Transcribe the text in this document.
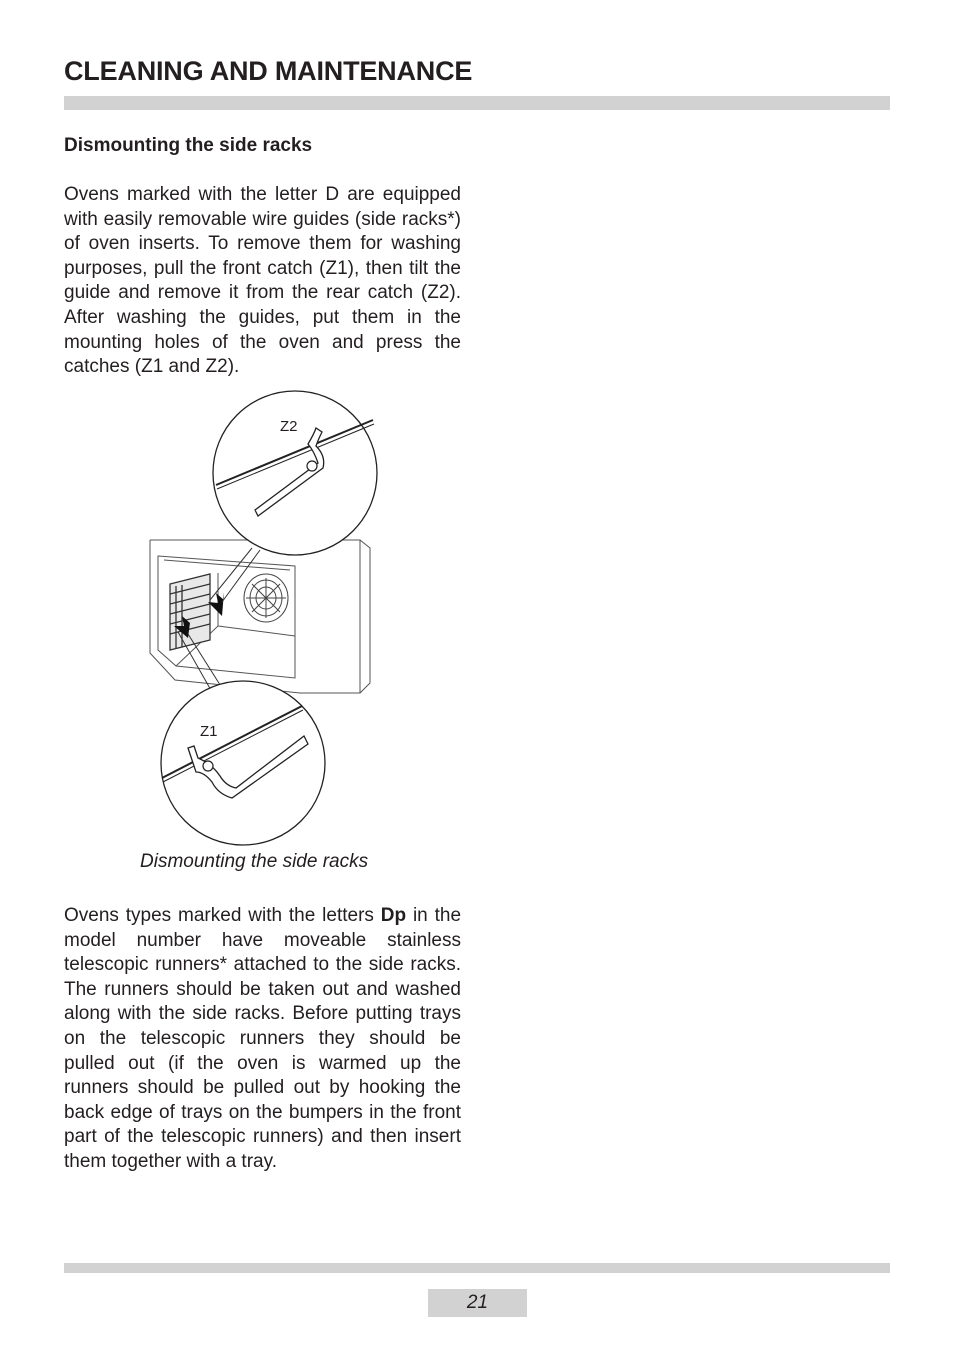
CLEANING AND MAINTENANCE
Dismounting the side racks

Ovens marked with the letter D are equipped with easily removable wire guides (side racks*) of oven inserts. To remove them for washing purposes, pull the front catch (Z1), then tilt the guide and remove it from the rear catch (Z2). After washing the guides, put them in the mounting holes of the oven and press the catches (Z1 and Z2).

Z2
Z1

Dismounting the side racks

Ovens types marked with the letters Dp in the model number have moveable stainless telescopic runners* attached to the side racks. The runners should be taken out and washed along with the side racks. Before putting trays on the telescopic runners they should be pulled out (if the oven is warmed up the runners should be pulled out by hooking the back edge of trays on the bumpers in the front part of the telescopic runners) and then insert them together with a tray.

21
